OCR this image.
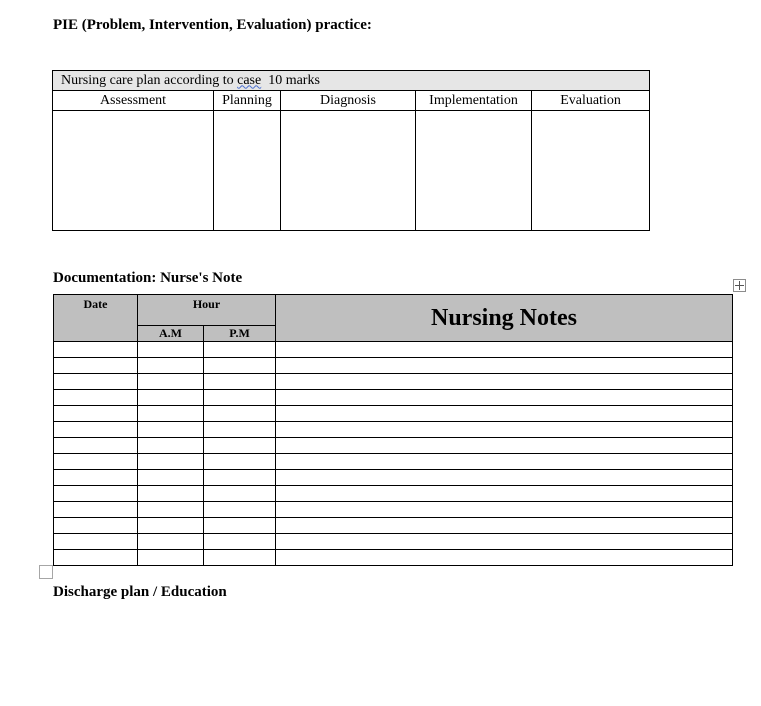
PIE (Problem, Intervention, Evaluation) practice:
Nursing care plan according to case  10 marks				
Assessment	Planning	Diagnosis	Implementation	Evaluation

Documentation: Nurse's Note
Date	Hour		Nursing Notes
	A.M	P.M	

Discharge plan / Education
